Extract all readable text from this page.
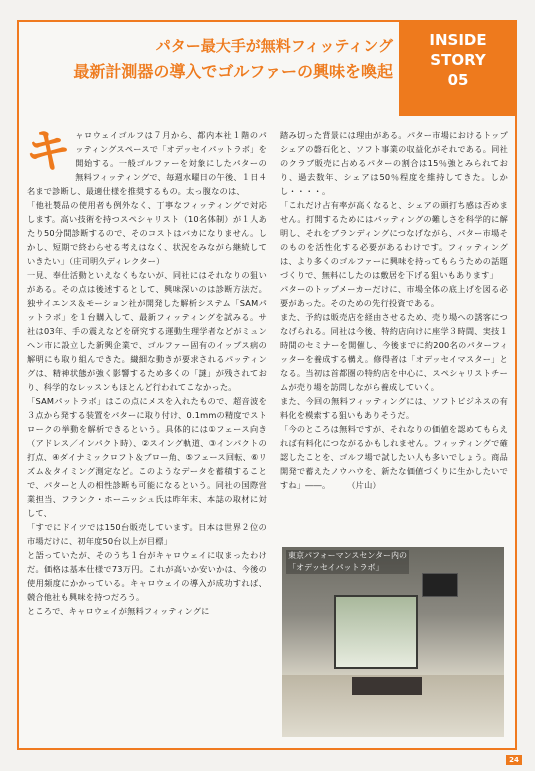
INSIDE
STORY
05
パター最大手が無料フィッティング
最新計測器の導入でゴルファーの興味を喚起
キ ャロウェイゴルフは７月から、都内本社１階のパッティングスペースで「オデッセイパットラボ」を開始する。一般ゴルファーを対象にしたパターの無料フィッティングで、毎週水曜日の午後、１日４名まで診断し、最適仕様を推奨するもの。太っ腹なのは、

「他社製品の使用者も例外なく、丁寧なフィッティングで対応します。高い技術を持つスペシャリスト（10名体制）が１人あたり50分間診断するので、そのコストはバカになりません。しかし、短期で終わらせる考えはなく、状況をみながら継続していきたい」（庄司明久ディレクター）

一見、奉仕活動といえなくもないが、同社にはそれなりの狙いがある。その点は後述するとして、興味深いのは診断方法だ。独サイエンス＆モーション社が開発した解析システム「SAMパットラボ」を１台購入して、最新フィッティングを試みる。サ社は03年、手の震えなどを研究する運動生理学者などがミュンヘン市に設立した新興企業で、ゴルファー固有のイップス病の解明にも取り組んできた。繊細な動きが要求されるパッティングは、精神状態が強く影響するため多くの「謎」が残されており、科学的なレッスンもほとんど行われてこなかった。

「SAMパットラボ」はこの点にメスを入れたもので、超音波を３点から発する装置をパターに取り付け、0.1mmの精度でストロークの挙動を解析できるという。具体的には①フェース向き（アドレス／インパクト時）、②スイング軌道、③インパクトの打点、④ダイナミックロフト＆ブロー角、⑤フェース回転、⑥リズム＆タイミング測定など。このようなデータを蓄積することで、パターと人の相性診断も可能になるという。同社の国際営業担当、フランク・ホーニッシュ氏は昨年末、本誌の取材に対して、

「すでにドイツでは150台販売しています。日本は世界２位の市場だけに、初年度50台以上が目標」

と語っていたが、そのうち１台がキャロウェイに収まったわけだ。価格は基本仕様で73万円。これが高いか安いかは、今後の使用頻度にかかっている。キャロウェイの導入が成功すれば、競合他社も興味を持つだろう。

ところで、キャロウェイが無料フィッティングに

踏み切った背景には理由がある。パター市場におけるトップシェアの磐石化と、ソフト事業の収益化がそれである。同社のクラブ販売に占めるパターの割合は15％強とみられており、過去数年、シェアは50％程度を維持してきた。しかし・・・・。

「これだけ占有率が高くなると、シェアの頭打ち感は否めません。打開するためにはパッティングの難しさを科学的に解明し、それをブランディングにつなげながら、パター市場そのものを活性化する必要があるわけです。フィッティングは、より多くのゴルファーに興味を持ってもらうための話題づくりで、無料にしたのは敷居を下げる狙いもあります」

パターのトップメーカーだけに、市場全体の底上げを図る必要があった。そのための先行投資である。

また、予約は販売店を経由させるため、売り場への誘客につなげられる。同社は今後、特約店向けに座学３時間、実技１時間のセミナーを開催し、今後までに約200名のパターフィッターを養成する構え。修得者は「オデッセイマスター」となる。当初は首都圏の特約店を中心に、スペシャリストチームが売り場を訪問しながら養成していく。

また、今回の無料フィッティングには、ソフトビジネスの有料化を模索する狙いもありそうだ。

「今のところは無料ですが、それなりの価値を認めてもらえれば有料化につながるかもしれません。フィッティングで確認したことを、ゴルフ場で試したい人も多いでしょう。商品開発で蓄えたノウハウを、新たな価値づくりに生かしたいですね」――。　　　（片山）

東京パフォーマンスセンター内の
「オデッセイパットラボ」
24
